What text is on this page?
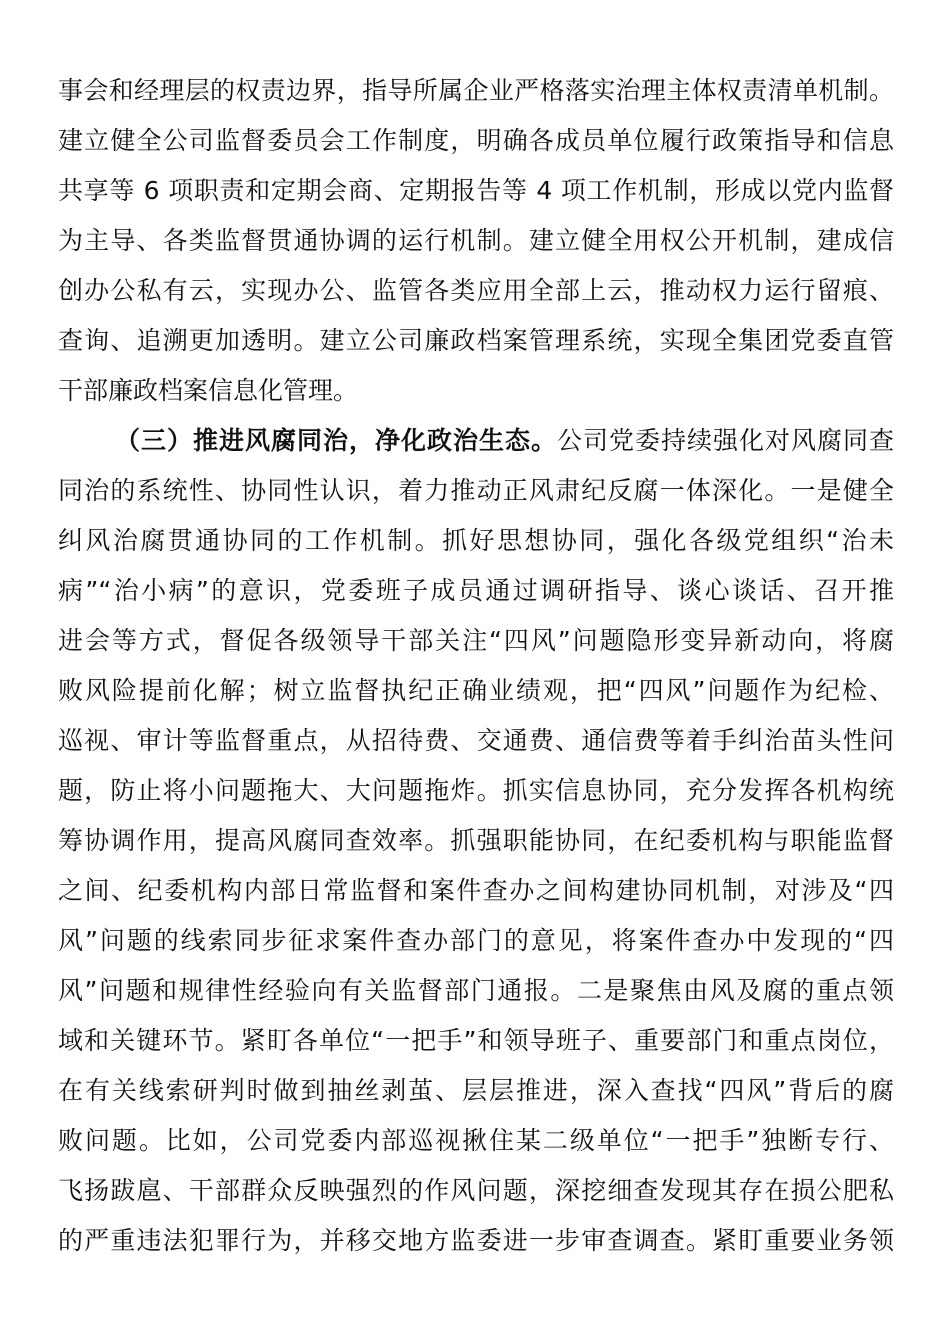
事会和经理层的权责边界，指导所属企业严格落实治理主体权责清单机制。
建立健全公司监督委员会工作制度，明确各成员单位履行政策指导和信息
共享等 6 项职责和定期会商、定期报告等 4 项工作机制，形成以党内监督
为主导、各类监督贯通协调的运行机制。建立健全用权公开机制，建成信
创办公私有云，实现办公、监管各类应用全部上云，推动权力运行留痕、
查询、追溯更加透明。建立公司廉政档案管理系统，实现全集团党委直管
干部廉政档案信息化管理。
（三）推进风腐同治，净化政治生态。公司党委持续强化对风腐同查
同治的系统性、协同性认识，着力推动正风肃纪反腐一体深化。一是健全
纠风治腐贯通协同的工作机制。抓好思想协同，强化各级党组织“治未
病”“治小病”的意识，党委班子成员通过调研指导、谈心谈话、召开推
进会等方式，督促各级领导干部关注“四风”问题隐形变异新动向，将腐
败风险提前化解；树立监督执纪正确业绩观，把“四风”问题作为纪检、
巡视、审计等监督重点，从招待费、交通费、通信费等着手纠治苗头性问
题，防止将小问题拖大、大问题拖炸。抓实信息协同，充分发挥各机构统
筹协调作用，提高风腐同查效率。抓强职能协同，在纪委机构与职能监督
之间、纪委机构内部日常监督和案件查办之间构建协同机制，对涉及“四
风”问题的线索同步征求案件查办部门的意见，将案件查办中发现的“四
风”问题和规律性经验向有关监督部门通报。二是聚焦由风及腐的重点领
域和关键环节。紧盯各单位“一把手”和领导班子、重要部门和重点岗位，
在有关线索研判时做到抽丝剥茧、层层推进，深入查找“四风”背后的腐
败问题。比如，公司党委内部巡视揪住某二级单位“一把手”独断专行、
飞扬跋扈、干部群众反映强烈的作风问题，深挖细查发现其存在损公肥私
的严重违法犯罪行为，并移交地方监委进一步审查调查。紧盯重要业务领
